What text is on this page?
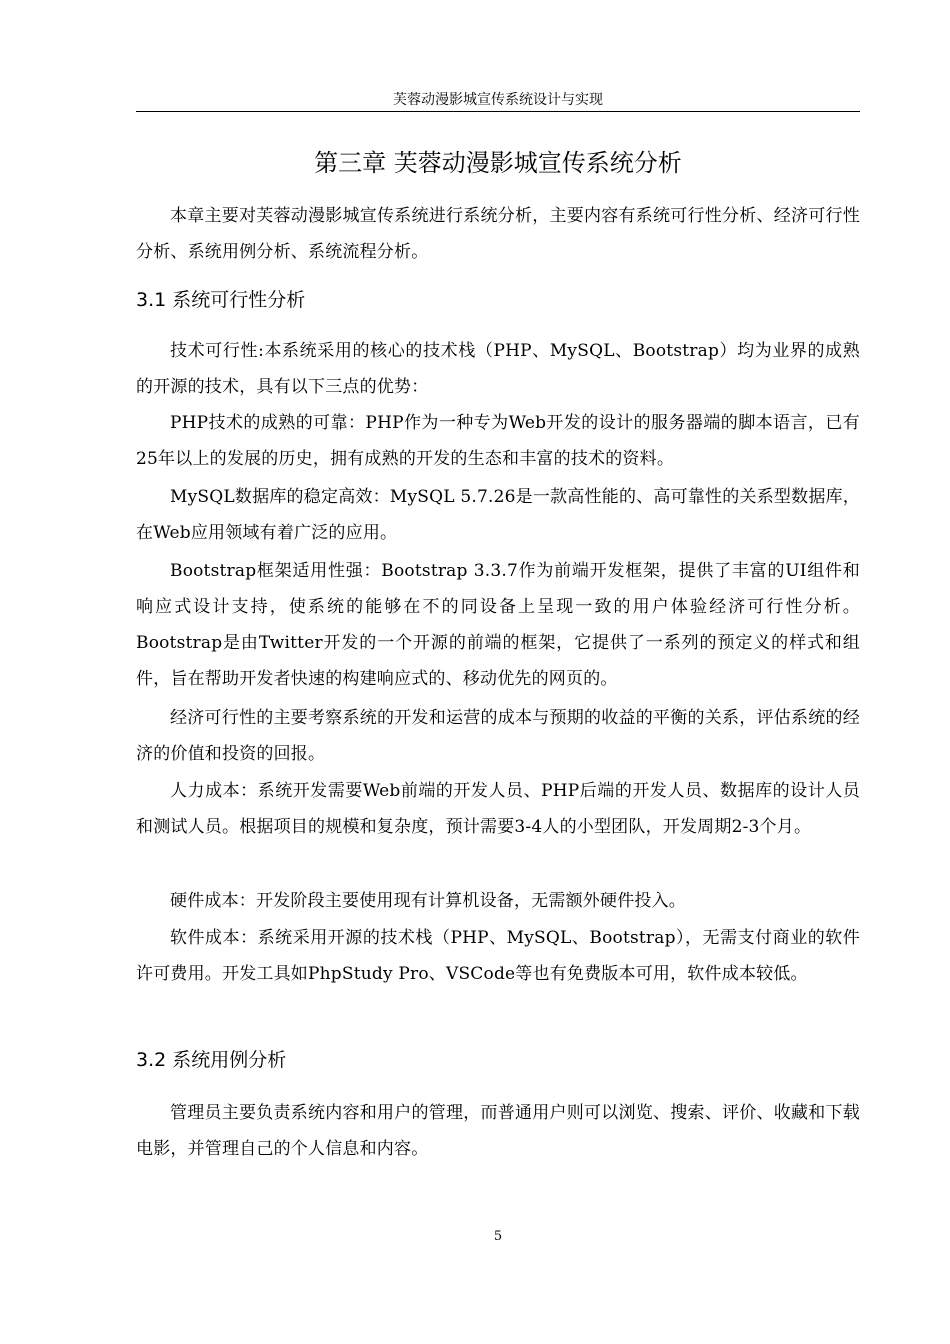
芙蓉动漫影城宣传系统设计与实现
第三章 芙蓉动漫影城宣传系统分析

本章主要对芙蓉动漫影城宣传系统进行系统分析，主要内容有系统可行性分析、经济可行性分析、系统用例分析、系统流程分析。

3.1 系统可行性分析

技术可行性:本系统采用的核心的技术栈（PHP、MySQL、Bootstrap）均为业界的成熟的开源的技术，具有以下三点的优势：

PHP技术的成熟的可靠：PHP作为一种专为Web开发的设计的服务器端的脚本语言，已有25年以上的发展的历史，拥有成熟的开发的生态和丰富的技术的资料。

MySQL数据库的稳定高效：MySQL 5.7.26是一款高性能的、高可靠性的关系型数据库，在Web应用领域有着广泛的应用。

Bootstrap框架适用性强：Bootstrap 3.3.7作为前端开发框架，提供了丰富的UI组件和响应式设计支持，使系统的能够在不的同设备上呈现一致的用户体验经济可行性分析。Bootstrap是由Twitter开发的一个开源的前端的框架，它提供了一系列的预定义的样式和组件，旨在帮助开发者快速的构建响应式的、移动优先的网页的。

经济可行性的主要考察系统的开发和运营的成本与预期的收益的平衡的关系，评估系统的经济的价值和投资的回报。

人力成本：系统开发需要Web前端的开发人员、PHP后端的开发人员、数据库的设计人员和测试人员。根据项目的规模和复杂度，预计需要3-4人的小型团队，开发周期2-3个月。

硬件成本：开发阶段主要使用现有计算机设备，无需额外硬件投入。

软件成本：系统采用开源的技术栈（PHP、MySQL、Bootstrap），无需支付商业的软件许可费用。开发工具如PhpStudy Pro、VSCode等也有免费版本可用，软件成本较低。

3.2 系统用例分析

管理员主要负责系统内容和用户的管理，而普通用户则可以浏览、搜索、评价、收藏和下载电影，并管理自己的个人信息和内容。

5
